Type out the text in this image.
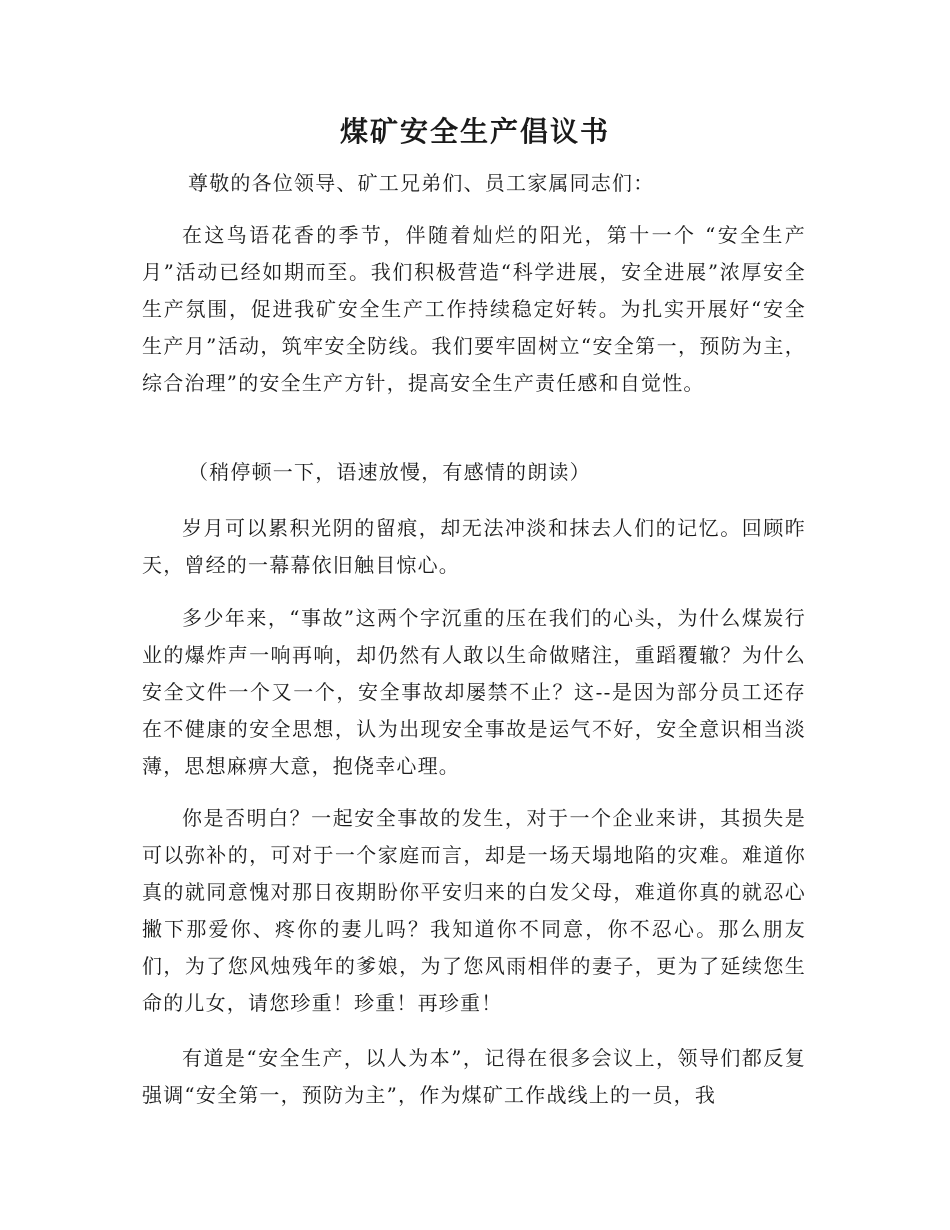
煤矿安全生产倡议书
尊敬的各位领导、矿工兄弟们、员工家属同志们：

在这鸟语花香的季节，伴随着灿烂的阳光，第十一个 “安全生产月”活动已经如期而至。我们积极营造“科学进展，安全进展”浓厚安全生产氛围，促进我矿安全生产工作持续稳定好转。为扎实开展好“安全生产月”活动，筑牢安全防线。我们要牢固树立“安全第一，预防为主，综合治理”的安全生产方针，提高安全生产责任感和自觉性。

（稍停顿一下，语速放慢，有感情的朗读）

岁月可以累积光阴的留痕，却无法冲淡和抹去人们的记忆。回顾昨天，曾经的一幕幕依旧触目惊心。

多少年来，“事故”这两个字沉重的压在我们的心头，为什么煤炭行业的爆炸声一响再响，却仍然有人敢以生命做赌注，重蹈覆辙？为什么安全文件一个又一个，安全事故却屡禁不止？这--是因为部分员工还存在不健康的安全思想，认为出现安全事故是运气不好，安全意识相当淡薄，思想麻痹大意，抱侥幸心理。

你是否明白？一起安全事故的发生，对于一个企业来讲，其损失是可以弥补的，可对于一个家庭而言，却是一场天塌地陷的灾难。难道你真的就同意愧对那日夜期盼你平安归来的白发父母，难道你真的就忍心撇下那爱你、疼你的妻儿吗？我知道你不同意，你不忍心。那么朋友们，为了您风烛残年的爹娘，为了您风雨相伴的妻子，更为了延续您生命的儿女，请您珍重！珍重！再珍重！

有道是“安全生产，以人为本”，记得在很多会议上，领导们都反复强调“安全第一，预防为主”，作为煤矿工作战线上的一员，我
